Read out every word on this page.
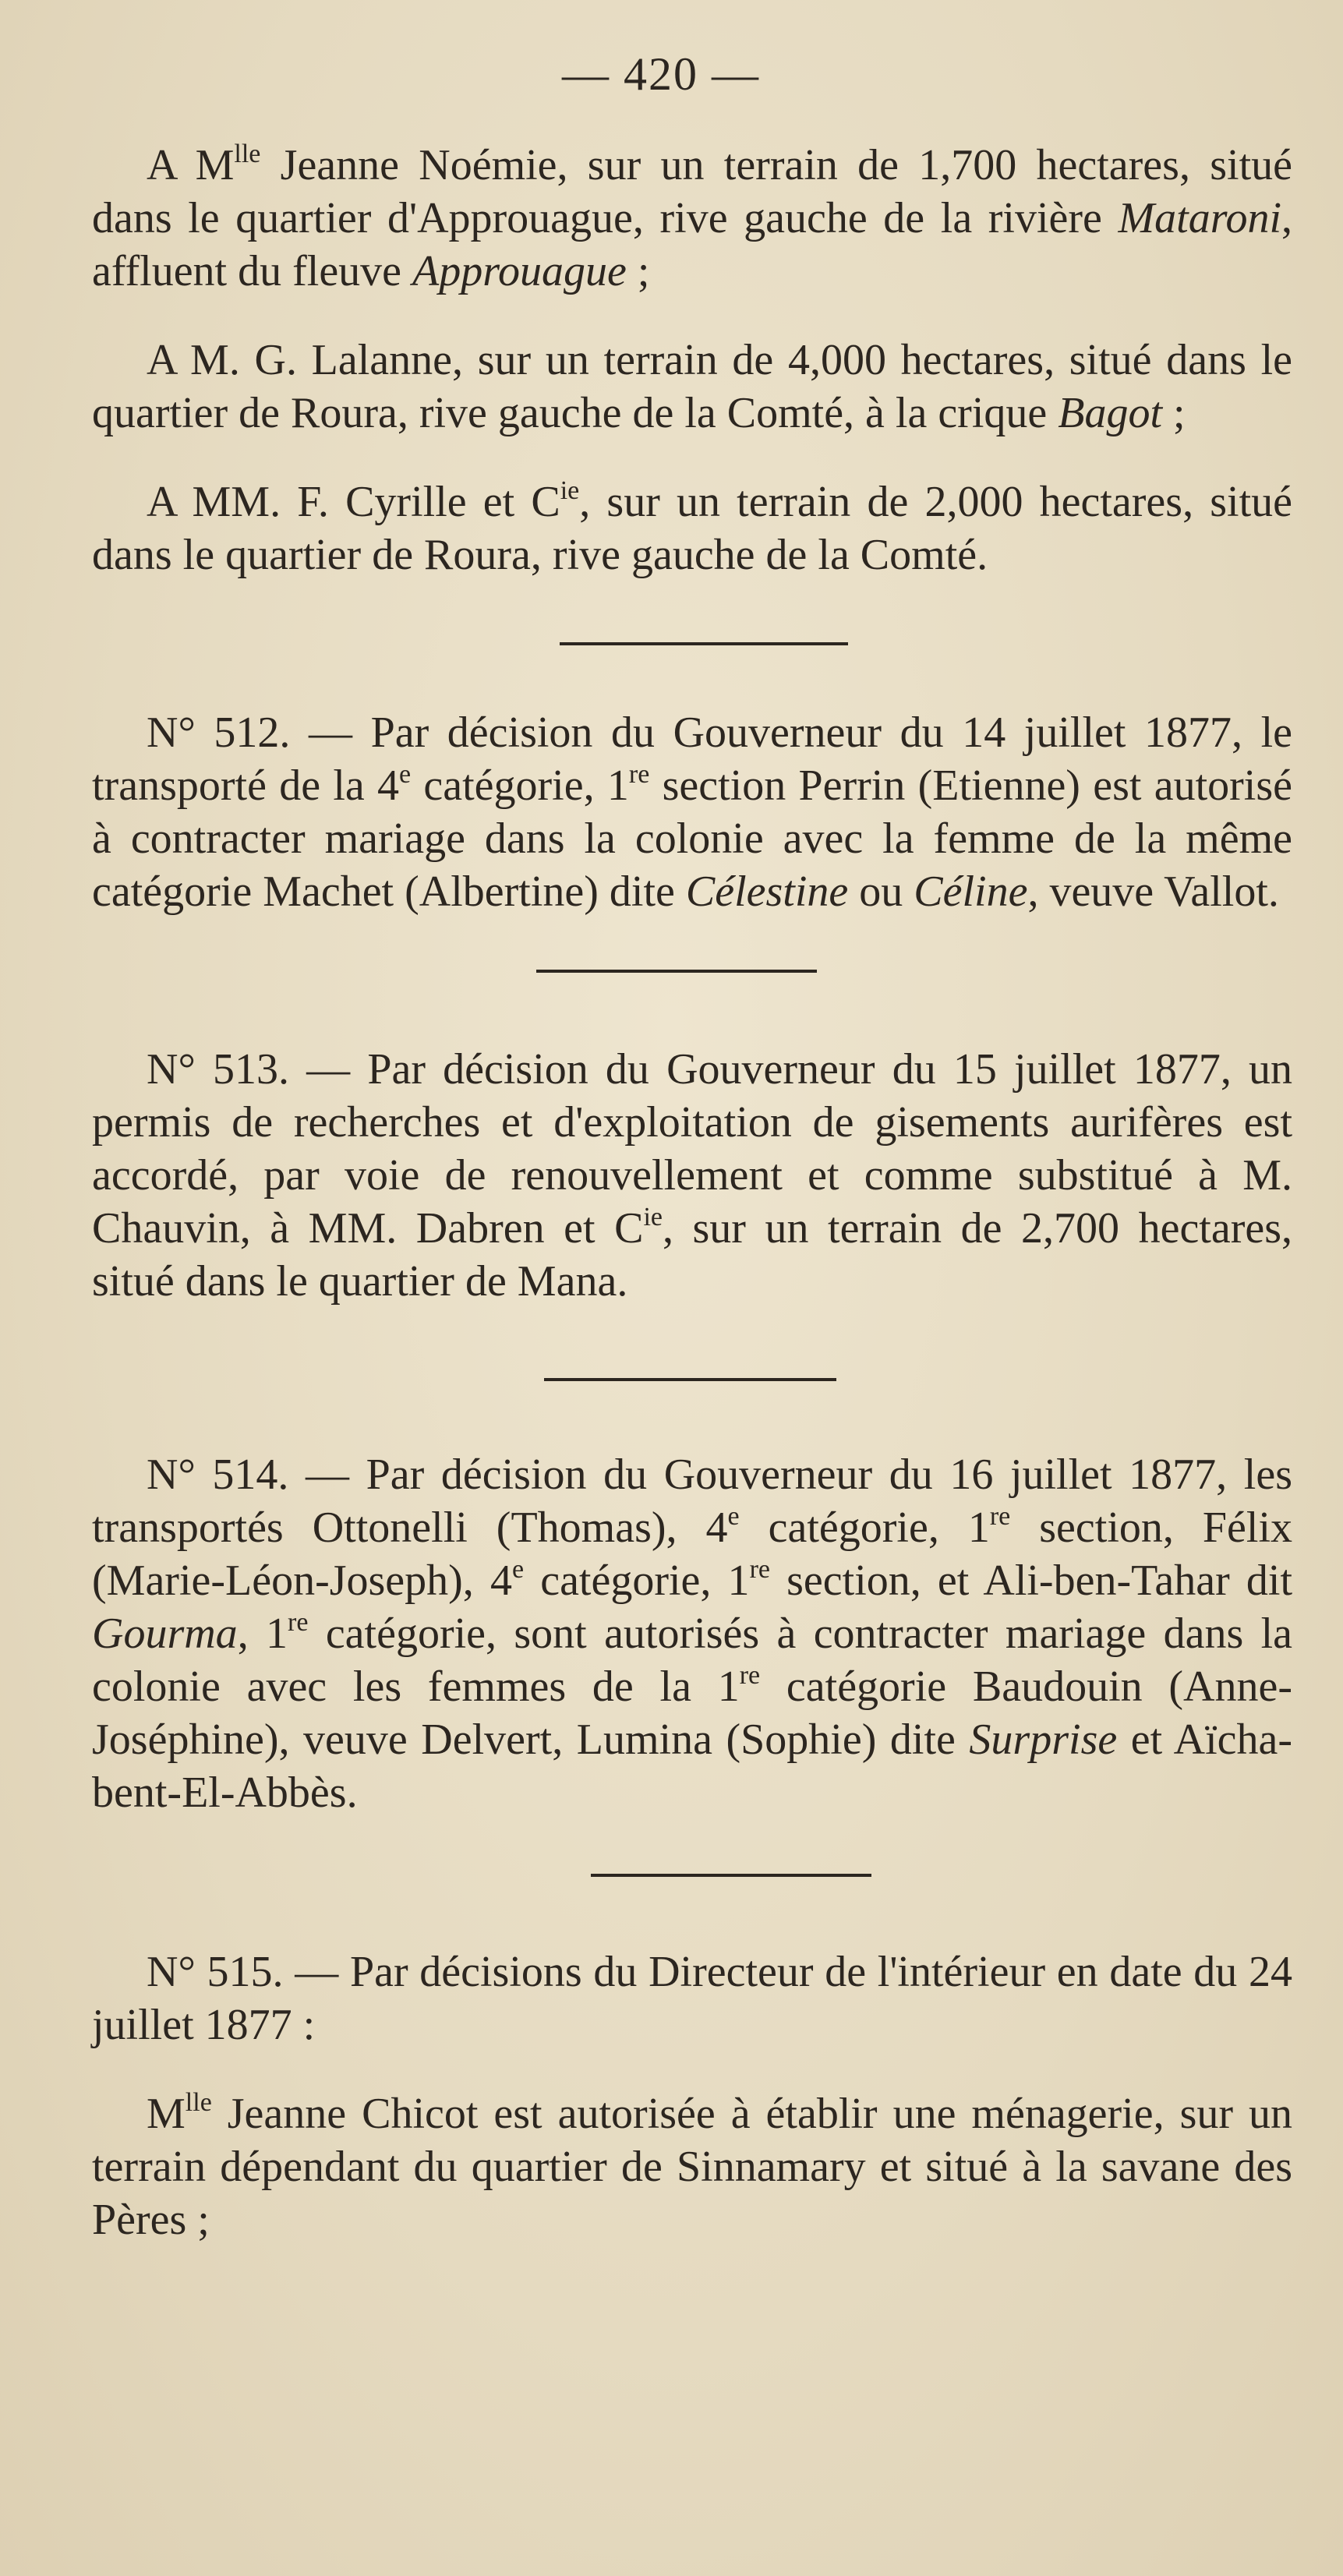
— 420 —

A $M^{lle}$ Jeanne Noémie, sur un terrain de 1,700 hectares, situé dans le quartier d'Approuague, rive gauche de la rivière Mataroni, affluent du fleuve Approuague ;

A M. G. Lalanne, sur un terrain de 4,000 hectares, situé dans le quartier de Roura, rive gauche de la Comté, à la crique Bagot ;

A MM. F. Cyrille et $C^{ie}$, sur un terrain de 2,000 hectares, situé dans le quartier de Roura, rive gauche de la Comté.

N° 512. — Par décision du Gouverneur du 14 juillet 1877, le transporté de la 4e catégorie, 1re section Perrin (Etienne) est autorisé à contracter mariage dans la colonie avec la femme de la même catégorie Machet (Albertine) dite Célestine ou Céline, veuve Vallot.

N° 513. — Par décision du Gouverneur du 15 juillet 1877, un permis de recherches et d'exploitation de gisements aurifères est accordé, par voie de renouvellement et comme substitué à M. Chauvin, à MM. Dabren et $C^{ie}$, sur un terrain de 2,700 hectares, situé dans le quartier de Mana.

N° 514. — Par décision du Gouverneur du 16 juillet 1877, les transportés Ottonelli (Thomas), 4e catégorie, 1re section, Félix (Marie-Léon-Joseph), 4e catégorie, 1re section, et Ali-ben-Tahar dit Gourma, 1re catégorie, sont autorisés à contracter mariage dans la colonie avec les femmes de la 1re catégorie Baudouin (Anne-Joséphine), veuve Delvert, Lumina (Sophie) dite Surprise et Aïcha-bent-El-Abbès.

N° 515. — Par décisions du Directeur de l'intérieur en date du 24 juillet 1877 :

$M^{lle}$ Jeanne Chicot est autorisée à établir une ménagerie, sur un terrain dépendant du quartier de Sinnamary et situé à la savane des Pères ;
